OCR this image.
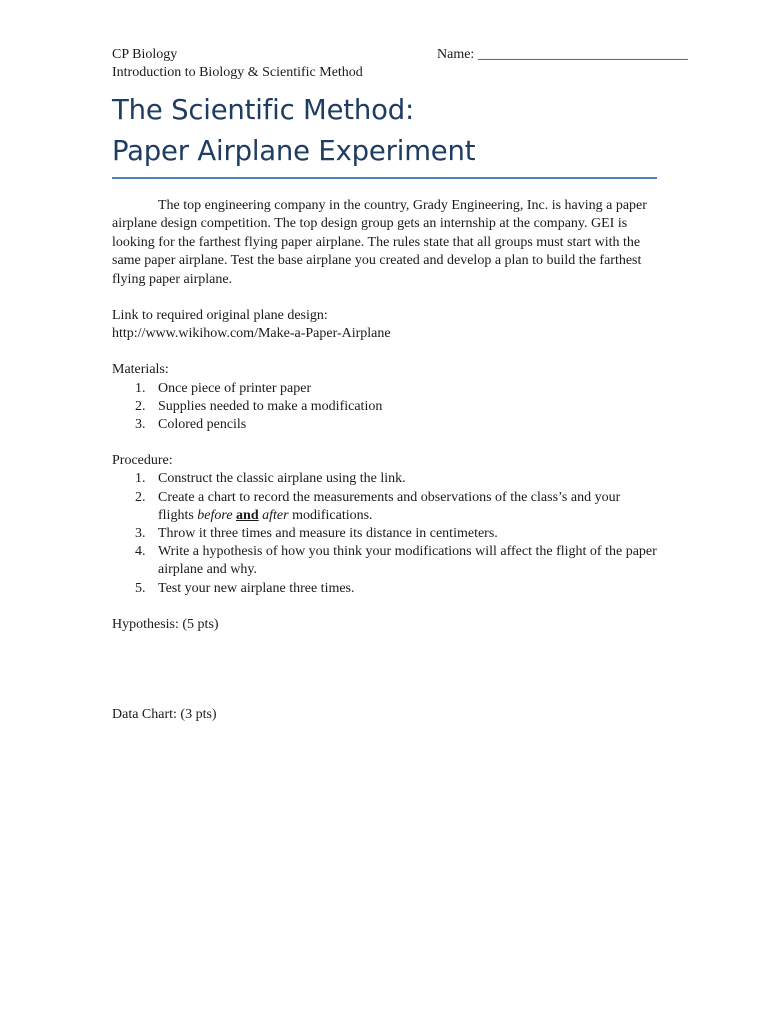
CP Biology	Name: ______________________________
Introduction to Biology & Scientific Method
The Scientific Method:
Paper Airplane Experiment
The top engineering company in the country, Grady Engineering, Inc. is having a paper airplane design competition. The top design group gets an internship at the company. GEI is looking for the farthest flying paper airplane. The rules state that all groups must start with the same paper airplane. Test the base airplane you created and develop a plan to build the farthest flying paper airplane.
Link to required original plane design:
http://www.wikihow.com/Make-a-Paper-Airplane
Materials:
1. Once piece of printer paper
2. Supplies needed to make a modification
3. Colored pencils
Procedure:
1. Construct the classic airplane using the link.
2. Create a chart to record the measurements and observations of the class’s and your flights before and after modifications.
3. Throw it three times and measure its distance in centimeters.
4. Write a hypothesis of how you think your modifications will affect the flight of the paper airplane and why.
5. Test your new airplane three times.
Hypothesis: (5 pts)
Data Chart: (3 pts)
